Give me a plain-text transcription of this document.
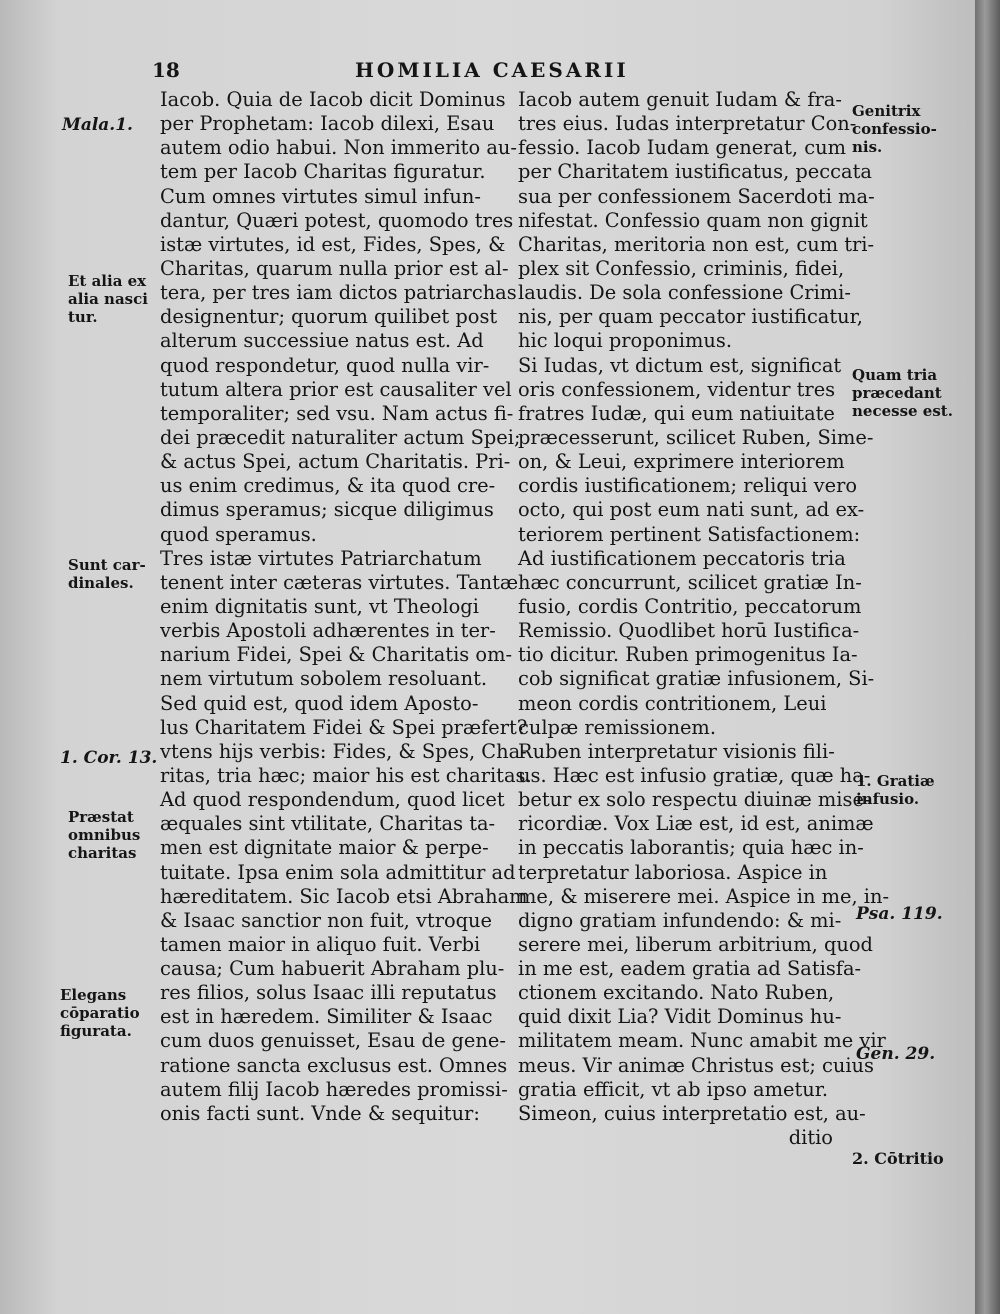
18	HOMILIA CAESARII
Iacob. Quia de Iacob dicit Dominus
per Prophetam: Iacob dilexi, Esau
autem odio habui. Non immerito au-
tem per Iacob Charitas figuratur.
Cum omnes virtutes simul infun-
dantur, Quæri potest, quomodo tres
istæ virtutes, id est, Fides, Spes, &
Charitas, quarum nulla prior est al-
tera, per tres iam dictos patriarchas
designentur; quorum quilibet post
alterum successiue natus est. Ad
quod respondetur, quod nulla vir-
tutum altera prior est causaliter vel
temporaliter; sed vsu. Nam actus fi-
dei præcedit naturaliter actum Spei;
& actus Spei, actum Charitatis. Pri-
us enim credimus, & ita quod cre-
dimus speramus; sicque diligimus
quod speramus.
Tres istæ virtutes Patriarchatum
tenent inter cæteras virtutes. Tantæ
enim dignitatis sunt, vt Theologi
verbis Apostoli adhærentes in ter-
narium Fidei, Spei & Charitatis om-
nem virtutum sobolem resoluant.
Sed quid est, quod idem Aposto-
lus Charitatem Fidei & Spei præfert?
vtens hijs verbis: Fides, & Spes, Cha-
ritas, tria hæc; maior his est charitas.
Ad quod respondendum, quod licet
æquales sint vtilitate, Charitas ta-
men est dignitate maior & perpe-
tuitate. Ipsa enim sola admittitur ad
hæreditatem. Sic Iacob etsi Abraham
& Isaac sanctior non fuit, vtroque
tamen maior in aliquo fuit. Verbi
causa; Cum habuerit Abraham plu-
res filios, solus Isaac illi reputatus
est in hæredem. Similiter & Isaac
cum duos genuisset, Esau de gene-
ratione sancta exclusus est. Omnes
autem filij Iacob hæredes promissi-
onis facti sunt. Vnde & sequitur:
Iacob autem genuit Iudam & fra-
tres eius. Iudas interpretatur Con-
fessio. Iacob Iudam generat, cum
per Charitatem iustificatus, peccata
sua per confessionem Sacerdoti ma-
nifestat. Confessio quam non gignit
Charitas, meritoria non est, cum tri-
plex sit Confessio, criminis, fidei,
laudis. De sola confessione Crimi-
nis, per quam peccator iustificatur,
hic loqui proponimus.
Si Iudas, vt dictum est, significat
oris confessionem, videntur tres
fratres Iudæ, qui eum natiuitate
præcesserunt, scilicet Ruben, Sime-
on, & Leui, exprimere interiorem
cordis iustificationem; reliqui vero
octo, qui post eum nati sunt, ad ex-
teriorem pertinent Satisfactionem:
Ad iustificationem peccatoris tria
hæc concurrunt, scilicet gratiæ In-
fusio, cordis Contritio, peccatorum
Remissio. Quodlibet horū Iustifica-
tio dicitur. Ruben primogenitus Ia-
cob significat gratiæ infusionem, Si-
meon cordis contritionem, Leui
culpæ remissionem.
Ruben interpretatur visionis fili-
us. Hæc est infusio gratiæ, quæ ha-
betur ex solo respectu diuinæ mise-
ricordiæ. Vox Liæ est, id est, animæ
in peccatis laborantis; quia hæc in-
terpretatur laboriosa. Aspice in
me, & miserere mei. Aspice in me, in-
digno gratiam infundendo: & mi-
serere mei, liberum arbitrium, quod
in me est, eadem gratia ad Satisfa-
ctionem excitando. Nato Ruben,
quid dixit Lia? Vidit Dominus hu-
militatem meam. Nunc amabit me vir
meus. Vir animæ Christus est; cuius
gratia efficit, vt ab ipso ametur.
Simeon, cuius interpretatio est, au-
ditio
Mala.1.
Et alia ex
alia nasci
tur.
Sunt car-
dinales.
1. Cor. 13.
Præstat
omnibus
charitas
Elegans
cōparatio
figurata.
Genitrix
confessio-
nis.
Quam tria
præcedant
necesse est.
1. Gratiæ
infusio.
Psa. 119.
Gen. 29.
2. Cōtritio
